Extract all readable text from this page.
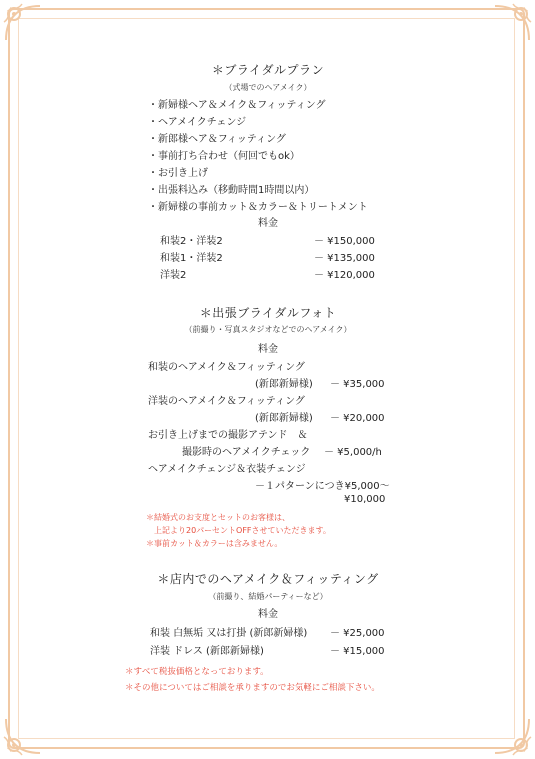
＊ブライダルプラン
（式場でのヘアメイク）
・新婦様ヘア＆メイク＆フィッティング
・ヘアメイクチェンジ
・新郎様ヘア＆フィッティング
・事前打ち合わせ（何回でもok）
・お引き上げ
・出張料込み（移動時間1時間以内）
・新婦様の事前カット＆カラー＆トリートメント
料金
和装2・洋装2	－ ¥150,000
和装1・洋装2	－ ¥135,000
洋装2	－ ¥120,000
＊出張ブライダルフォト
（前撮り・写真スタジオなどでのヘアメイク）
料金
和装のヘアメイク＆フィッティング
(新郎新婦様) － ¥35,000
洋装のヘアメイク＆フィッティング
(新郎新婦様) － ¥20,000
お引き上げまでの撮影アテンド　＆
撮影時のヘアメイクチェック － ¥5,000/h
ヘアメイクチェンジ＆衣装チェンジ
－１パターンにつき¥5,000〜
¥10,000
＊結婚式のお支度とセットのお客様は、
上記より20パーセントOFFさせていただきます。
＊事前カット＆カラーは含みません。
＊店内でのヘアメイク＆フィッティング
（前撮り、結婚パーティーなど）
料金
和装 白無垢 又は打掛 (新郎新婦様) － ¥25,000
洋装 ドレス (新郎新婦様)	－ ¥15,000
＊すべて税抜価格となっております。
＊その他についてはご相談を承りますのでお気軽にご相談下さい。
